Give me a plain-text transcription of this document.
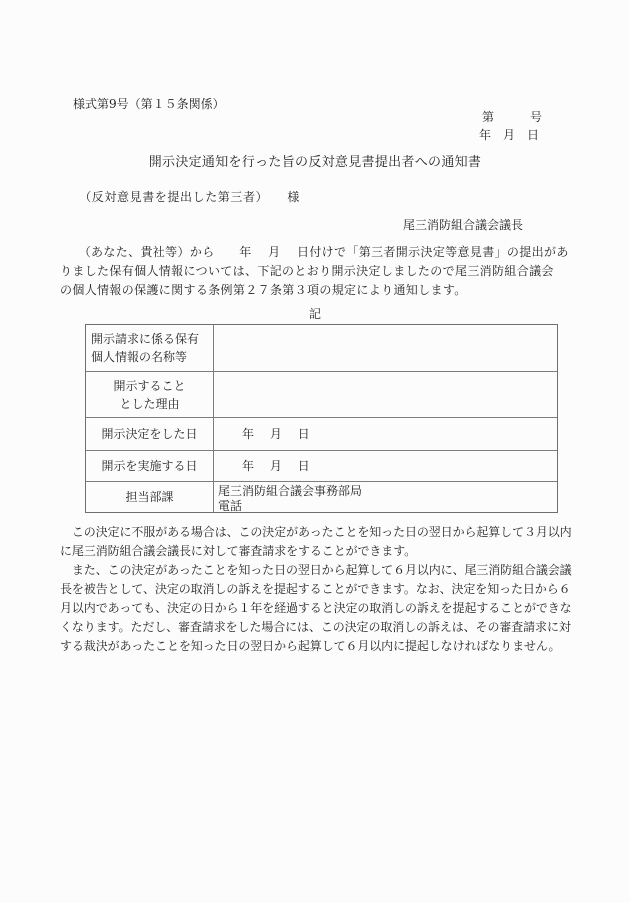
様式第9号（第１５条関係）
第　　　号
年　月　日
開示決定通知を行った旨の反対意見書提出者への通知書
　　（反対意見書を提出した第三者）　　様
尾三消防組合議会議長
　　（あなた、貴社等）から　　年　 月　 日付けで「第三者開示決定等意見書」の提出があ
りました保有個人情報については、下記のとおり開示決定しましたので尾三消防組合議会
の個人情報の保護に関する条例第２７条第３項の規定により通知します。
記
開示請求に係る保有
個人情報の名称等
開示すること
とした理由
開示決定をした日 　　年　 月　 日
開示を実施する日 　　年　 月　 日
担当部課	尾三消防組合議会事務部局
電話
　この決定に不服がある場合は、この決定があったことを知った日の翌日から起算して３月以内
に尾三消防組合議会議長に対して審査請求をすることができます。
　また、この決定があったことを知った日の翌日から起算して６月以内に、尾三消防組合議会議
長を被告として、決定の取消しの訴えを提起することができます。なお、決定を知った日から６
月以内であっても、決定の日から１年を経過すると決定の取消しの訴えを提起することができな
くなります。ただし、審査請求をした場合には、この決定の取消しの訴えは、その審査請求に対
する裁決があったことを知った日の翌日から起算して６月以内に提起しなければなりません。
